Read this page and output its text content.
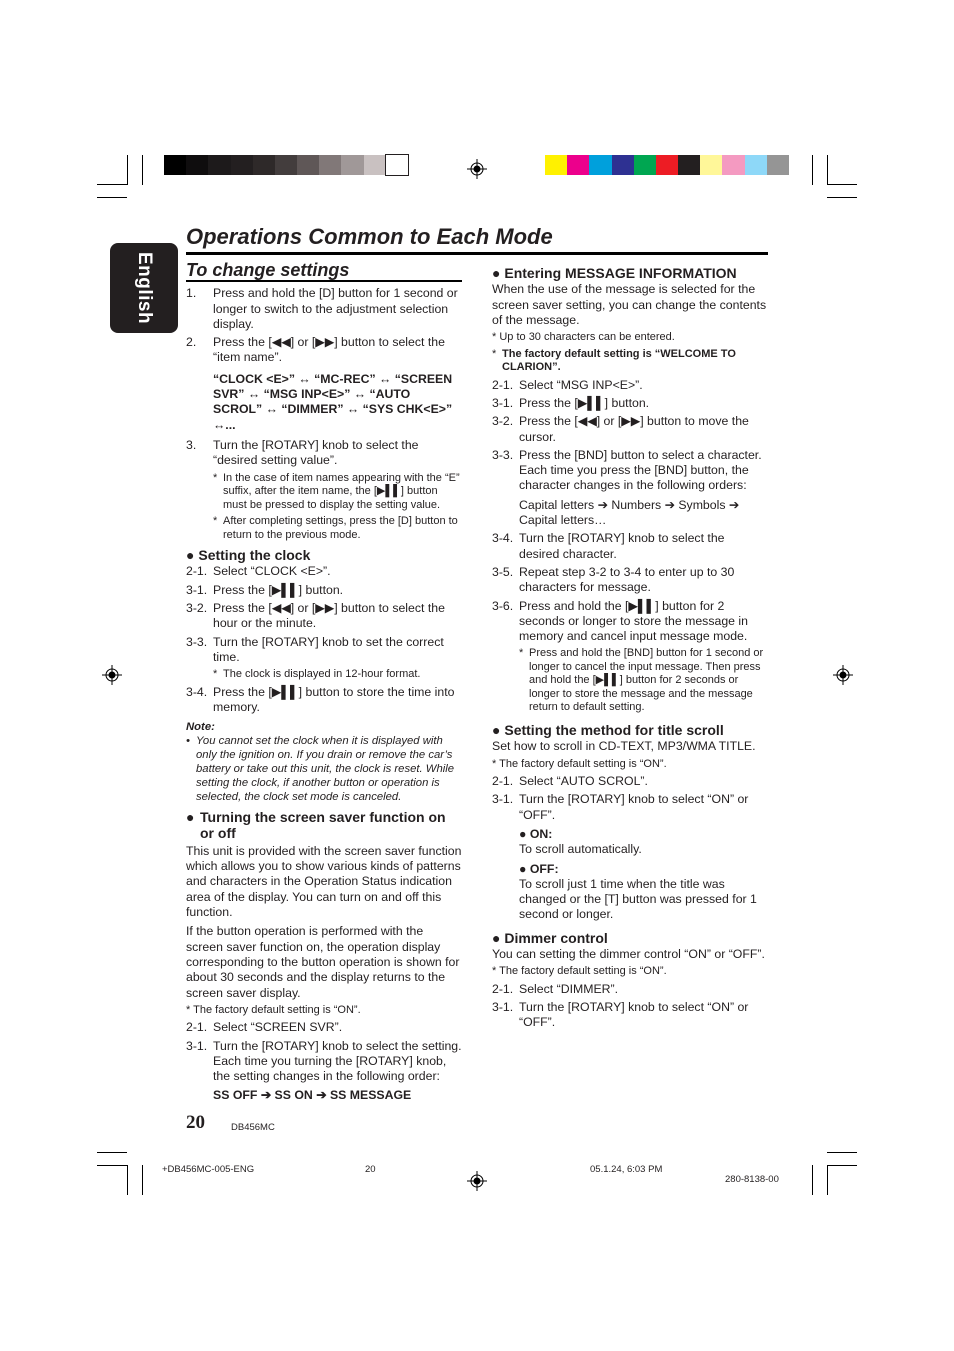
Operations Common to Each Mode
English	To change settings
1.	Press and hold the [D] button for 1 second or longer to switch to the adjustment selection display.
2.	Press the [◀◀] or [▶▶] button to select the “item name”.
“CLOCK <E>” ↔ “MC-REC” ↔ “SCREEN SVR” ↔ “MSG INP<E>” ↔ “AUTO SCROL” ↔ “DIMMER” ↔ “SYS CHK<E>” ↔...
3.	Turn the [ROTARY] knob to select the “desired setting value”.
* In the case of item names appearing with the “E” suffix, after the item name, the [▶▌▌] button must be pressed to display the setting value.
* After completing settings, press the [D] button to return to the previous mode.
● Setting the clock
2-1. Select “CLOCK <E>”.
3-1. Press the [▶▌▌] button.
3-2. Press the [◀◀] or [▶▶] button to select the hour or the minute.
3-3. Turn the [ROTARY] knob to set the correct time.
* The clock is displayed in 12-hour format.
3-4. Press the [▶▌▌] button to store the time into memory.
Note:
• You cannot set the clock when it is displayed with only the ignition on. If you drain or remove the car’s battery or take out this unit, the clock is reset. While setting the clock, if another button or operation is selected, the clock set mode is canceled.
● Turning the screen saver function on or off
This unit is provided with the screen saver function which allows you to show various kinds of patterns and characters in the Operation Status indication area of the display. You can turn on and off this function.
If the button operation is performed with the screen saver function on, the operation display corresponding to the button operation is shown for about 30 seconds and the display returns to the screen saver display.
* The factory default setting is “ON”.
2-1. Select “SCREEN SVR”.
3-1. Turn the [ROTARY] knob to select the setting. Each time you turning the [ROTARY] knob, the setting changes in the following order:
SS OFF ➔ SS ON ➔ SS MESSAGE
● Entering MESSAGE INFORMATION
When the use of the message is selected for the screen saver setting, you can change the contents of the message.
* Up to 30 characters can be entered.
* The factory default setting is “WELCOME TO CLARION”.
2-1. Select “MSG INP<E>”.
3-1. Press the [▶▌▌] button.
3-2. Press the [◀◀] or [▶▶] button to move the cursor.
3-3. Press the [BND] button to select a character. Each time you press the [BND] button, the character changes in the following orders:
Capital letters ➔ Numbers ➔ Symbols ➔ Capital letters…
3-4. Turn the [ROTARY] knob to select the desired character.
3-5. Repeat step 3-2 to 3-4 to enter up to 30 characters for message.
3-6. Press and hold the [▶▌▌] button for 2 seconds or longer to store the message in memory and cancel input message mode.
* Press and hold the [BND] button for 1 second or longer to cancel the input message. Then press and hold the [▶▌▌] button for 2 seconds or longer to store the message and the message return to default setting.
● Setting the method for title scroll
Set how to scroll in CD-TEXT, MP3/WMA TITLE.
* The factory default setting is “ON”.
2-1. Select “AUTO SCROL”.
3-1. Turn the [ROTARY] knob to select “ON” or “OFF”.
● ON:
To scroll automatically.
● OFF:
To scroll just 1 time when the title was changed or the [T] button was pressed for 1 second or longer.
● Dimmer control
You can setting the dimmer control “ON” or “OFF”.
* The factory default setting is “ON”.
2-1. Select “DIMMER”.
3-1. Turn the [ROTARY] knob to select “ON” or “OFF”.
20	DB456MC
+DB456MC-005-ENG	20	05.1.24, 6:03 PM
280-8138-00
